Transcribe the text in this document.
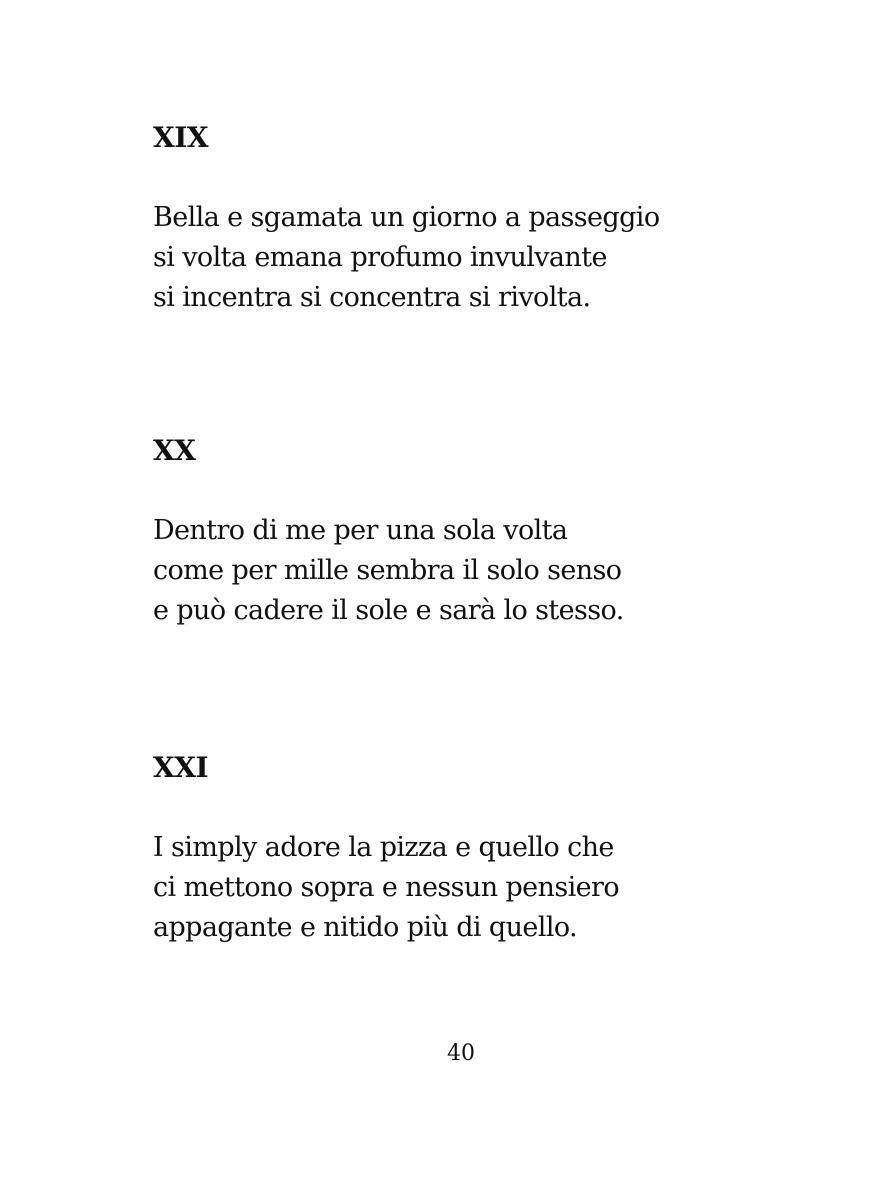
XIX
Bella e sgamata un giorno a passeggio
si volta emana profumo invulvante
si incentra si concentra si rivolta.
XX
Dentro di me per una sola volta
come per mille sembra il solo senso
e può cadere il sole e sarà lo stesso.
XXI
I simply adore la pizza e quello che
ci mettono sopra e nessun pensiero
appagante e nitido più di quello.
40
